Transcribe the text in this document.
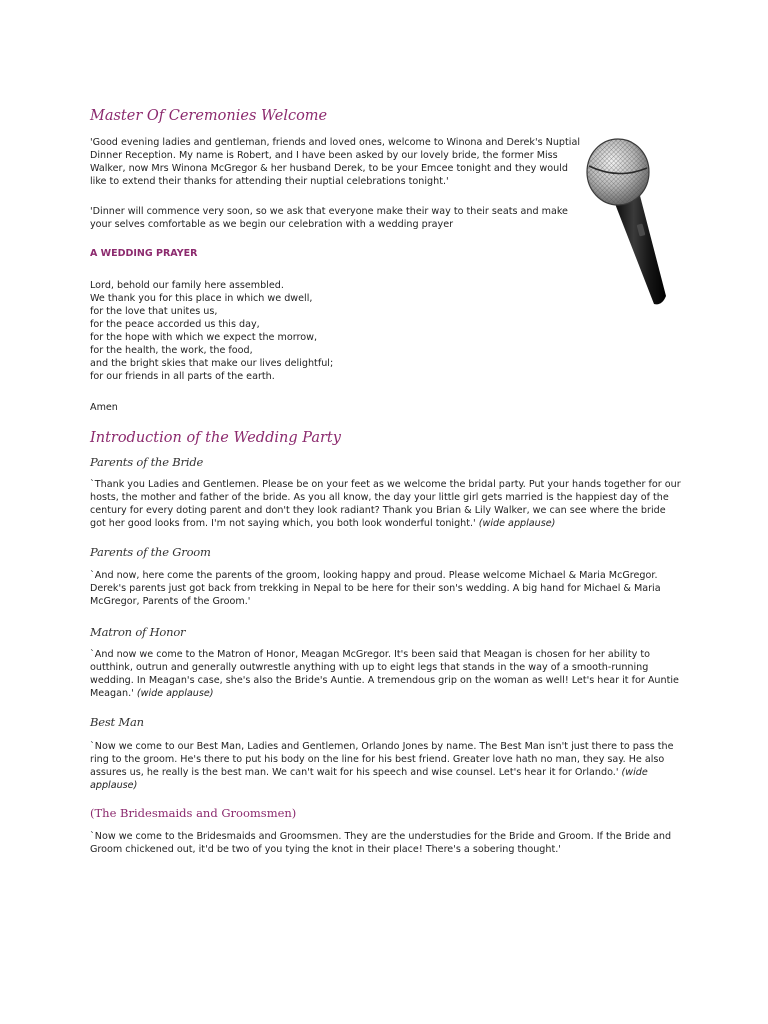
Master Of Ceremonies Welcome
'Good evening ladies and gentleman, friends and loved ones, welcome to Winona and Derek's Nuptial
Dinner Reception. My name is Robert, and I have been asked by our lovely bride, the former Miss
Walker, now Mrs Winona McGregor & her husband Derek, to be your Emcee tonight and they would
like to extend their thanks for attending their nuptial celebrations tonight.'
'Dinner will commence very soon, so we ask that everyone make their way to their seats and make
your selves comfortable as we begin our celebration with a wedding prayer
A WEDDING PRAYER
Lord, behold our family here assembled.
We thank you for this place in which we dwell,
for the love that unites us,
for the peace accorded us this day,
for the hope with which we expect the morrow,
for the health, the work, the food,
and the bright skies that make our lives delightful;
for our friends in all parts of the earth.
Amen
Introduction of the Wedding Party
Parents of the Bride
`Thank you Ladies and Gentlemen. Please be on your feet as we welcome the bridal party. Put your hands together for our
hosts, the mother and father of the bride. As you all know, the day your little girl gets married is the happiest day of the
century for every doting parent and don't they look radiant? Thank you Brian & Lily Walker, we can see where the bride
got her good looks from. I'm not saying which, you both look wonderful tonight.' (wide applause)
Parents of the Groom
`And now, here come the parents of the groom, looking happy and proud. Please welcome Michael & Maria McGregor.
Derek's parents just got back from trekking in Nepal to be here for their son's wedding. A big hand for Michael & Maria
McGregor, Parents of the Groom.'
Matron of Honor
`And now we come to the Matron of Honor, Meagan McGregor. It's been said that Meagan is chosen for her ability to
outthink, outrun and generally outwrestle anything with up to eight legs that stands in the way of a smooth-running
wedding. In Meagan's case, she's also the Bride's Auntie. A tremendous grip on the woman as well! Let's hear it for Auntie
Meagan.' (wide applause)
Best Man
`Now we come to our Best Man, Ladies and Gentlemen, Orlando Jones by name. The Best Man isn't just there to pass the
ring to the groom. He's there to put his body on the line for his best friend. Greater love hath no man, they say. He also
assures us, he really is the best man. We can't wait for his speech and wise counsel. Let's hear it for Orlando.' (wide
applause)
(The Bridesmaids and Groomsmen)
`Now we come to the Bridesmaids and Groomsmen. They are the understudies for the Bride and Groom. If the Bride and
Groom chickened out, it'd be two of you tying the knot in their place! There's a sobering thought.'
